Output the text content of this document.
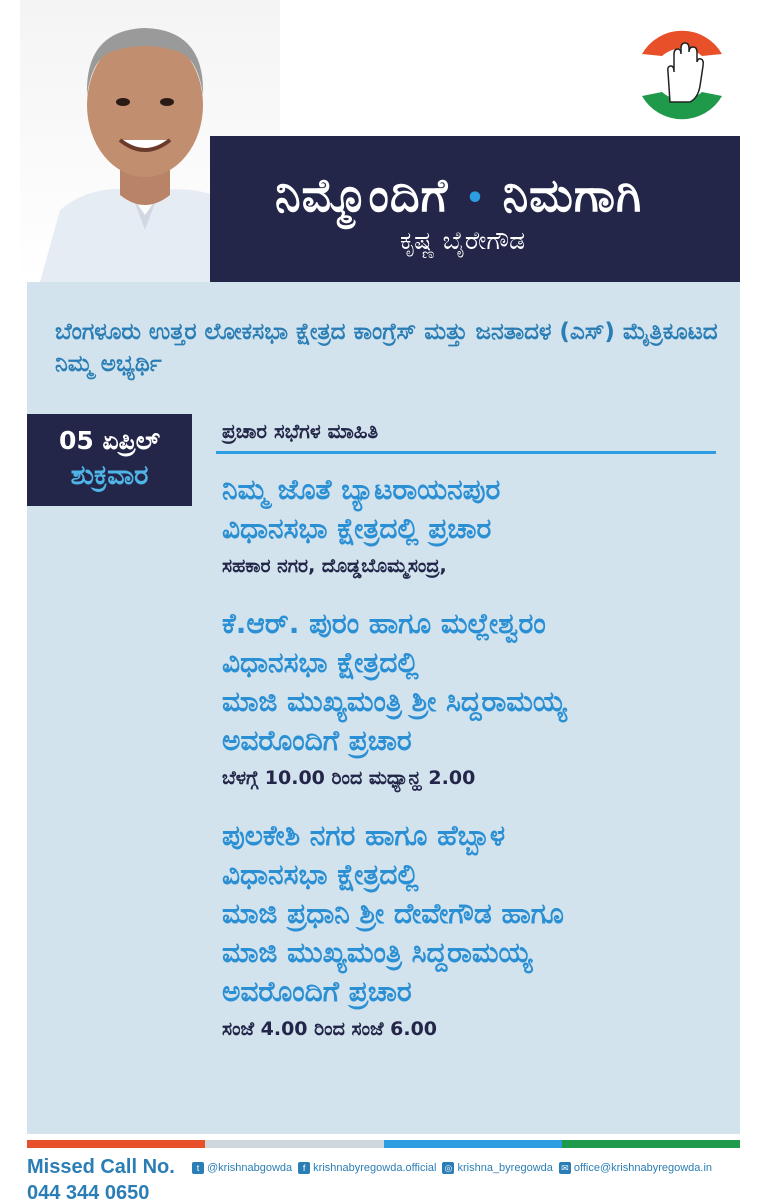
ನಿಮ್ಮೊಂದಿಗೆ • ನಿಮಗಾಗಿ
ಕೃಷ್ಣ ಬೈರೇಗೌಡ
ಬೆಂಗಳೂರು ಉತ್ತರ ಲೋಕಸಭಾ ಕ್ಷೇತ್ರದ ಕಾಂಗ್ರೆಸ್ ಮತ್ತು ಜನತಾದಳ (ಎಸ್) ಮೈತ್ರಿಕೂಟದ ನಿಮ್ಮ ಅಭ್ಯರ್ಥಿ
05 ಏಪ್ರಿಲ್
ಶುಕ್ರವಾರ
ಪ್ರಚಾರ ಸಭೆಗಳ ಮಾಹಿತಿ
ನಿಮ್ಮ ಜೊತೆ ಬ್ಯಾಟರಾಯನಪುರ
ವಿಧಾನಸಭಾ ಕ್ಷೇತ್ರದಲ್ಲಿ ಪ್ರಚಾರ
ಸಹಕಾರ ನಗರ, ದೊಡ್ಡಬೊಮ್ಮಸಂದ್ರ,
ಕೆ.ಆರ್. ಪುರಂ ಹಾಗೂ ಮಲ್ಲೇಶ್ವರಂ
ವಿಧಾನಸಭಾ ಕ್ಷೇತ್ರದಲ್ಲಿ
ಮಾಜಿ ಮುಖ್ಯಮಂತ್ರಿ ಶ್ರೀ ಸಿದ್ದರಾಮಯ್ಯ
ಅವರೊಂದಿಗೆ ಪ್ರಚಾರ
ಬೆಳಗ್ಗೆ 10.00 ರಿಂದ ಮಧ್ಯಾನ್ಹ 2.00
ಪುಲಕೇಶಿ ನಗರ ಹಾಗೂ ಹೆಬ್ಬಾಳ
ವಿಧಾನಸಭಾ ಕ್ಷೇತ್ರದಲ್ಲಿ
ಮಾಜಿ ಪ್ರಧಾನಿ ಶ್ರೀ ದೇವೇಗೌಡ ಹಾಗೂ
ಮಾಜಿ ಮುಖ್ಯಮಂತ್ರಿ ಸಿದ್ದರಾಮಯ್ಯ
ಅವರೊಂದಿಗೆ ಪ್ರಚಾರ
ಸಂಜೆ 4.00 ರಿಂದ ಸಂಜೆ 6.00
Missed Call No.
044 344 0650
t @krishnabgowda	f krishnabyregowda.official ◎ krishna_byregowda ✉ office@krishnabyregowda.in
